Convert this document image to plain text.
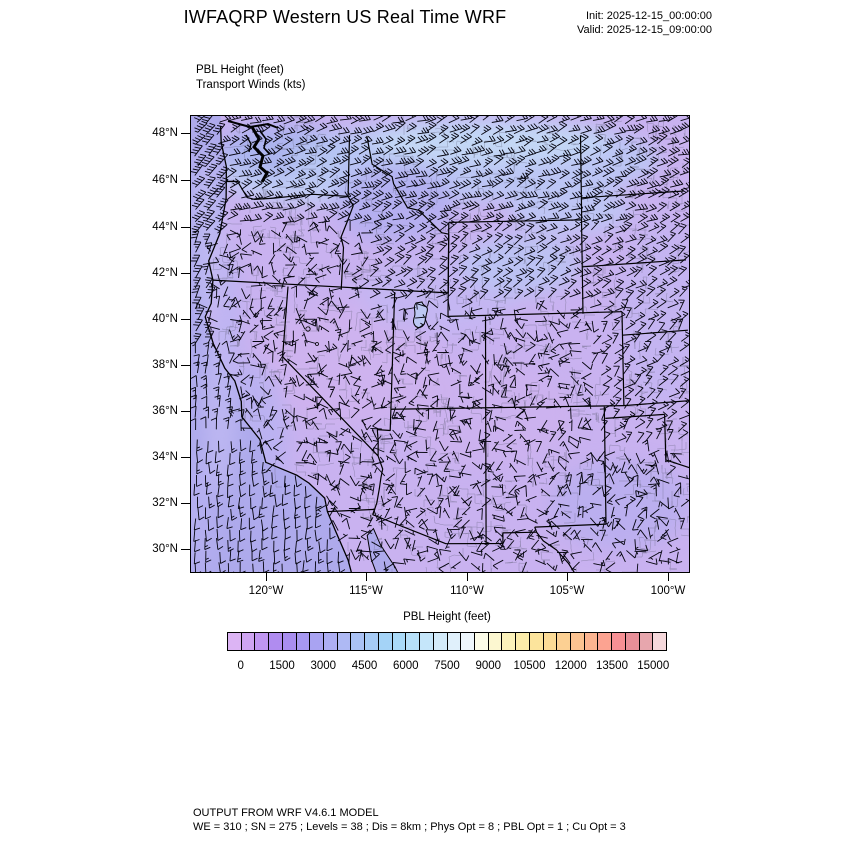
IWFAQRP Western US Real Time WRF	Init: 2025-12-15_00:00:00
Valid: 2025-12-15_09:00:00
PBL Height (feet)
Transport Winds (kts)
48°N
46°N
44°N
42°N
40°N
38°N
36°N
34°N
32°N
30°N
120°W	115°W	110°W	105°W	100°W
PBL Height (feet)
0	1500	3000	4500	6000	7500	9000	10500 12000 13500 15000
OUTPUT FROM WRF V4.6.1 MODEL
WE = 310 ; SN = 275 ; Levels = 38 ; Dis = 8km ; Phys Opt = 8 ; PBL Opt = 1 ; Cu Opt = 3
